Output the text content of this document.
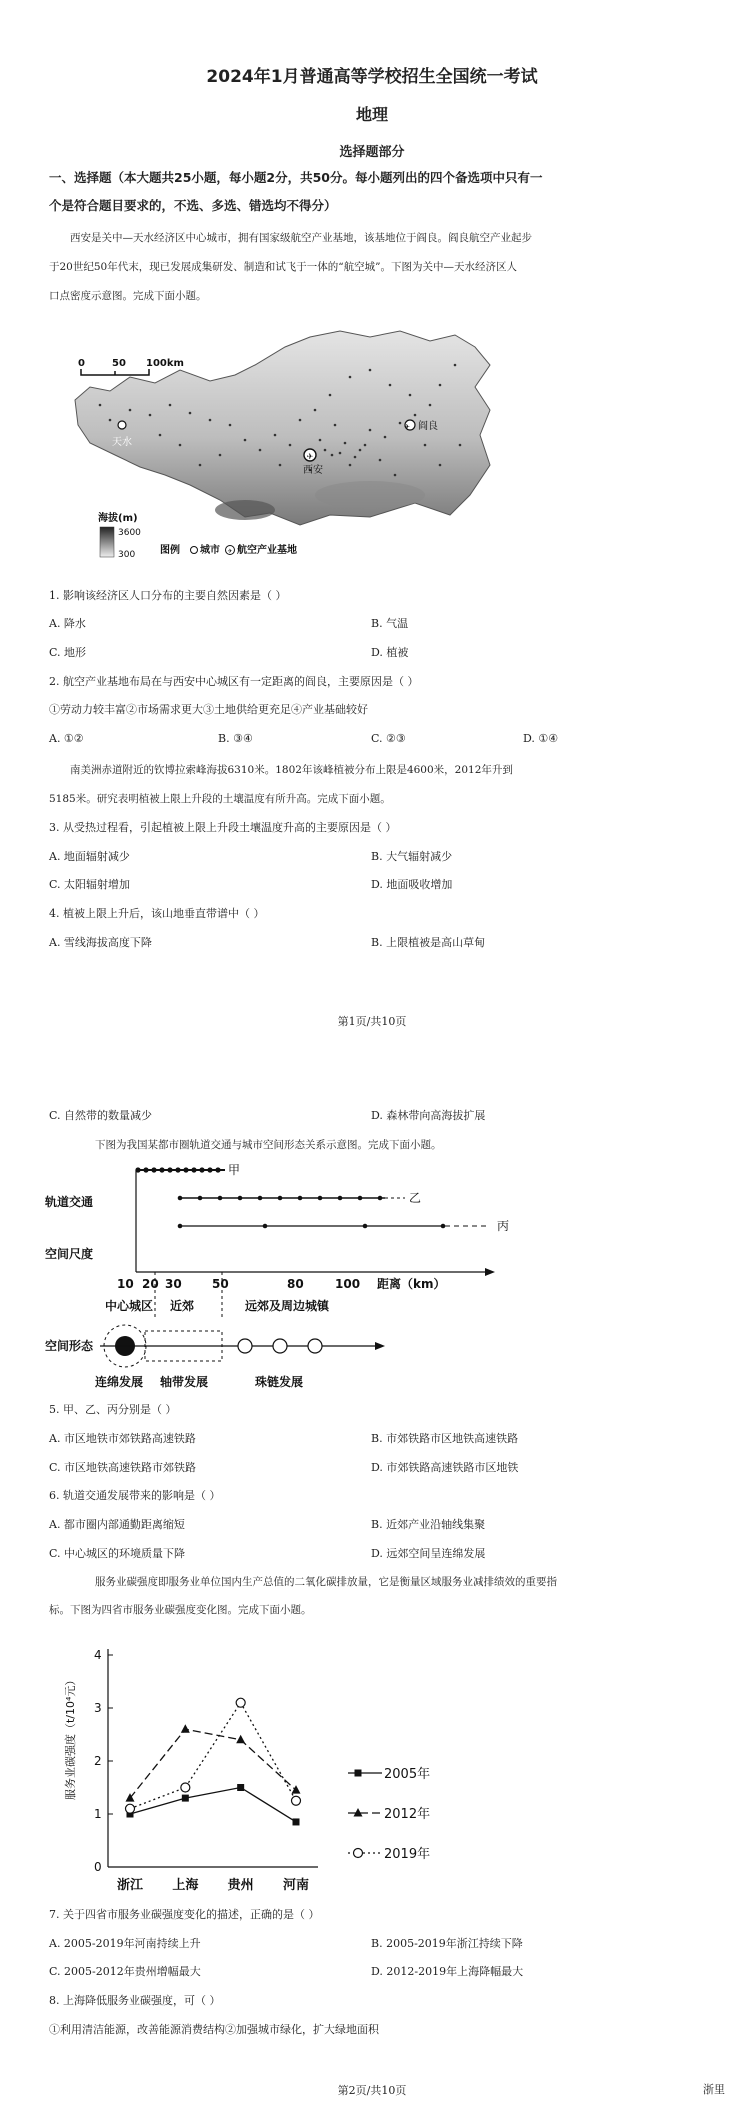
2024年1月普通高等学校招生全国统一考试
地理
选择题部分
一、选择题（本大题共25小题，每小题2分，共50分。每小题列出的四个备选项中只有一
个是符合题目要求的，不选、多选、错选均不得分）
西安是关中—天水经济区中心城市，拥有国家级航空产业基地，该基地位于阎良。阎良航空产业起步
于20世纪50年代末，现已发展成集研发、制造和试飞于一体的“航空城”。下图为关中—天水经济区人
口点密度示意图。完成下面小题。
0	50 100km
天水
✈ 阎良
✈
西安
海拔(m)
3600
300 图例 城市 ✈ 航空产业基地
1. 影响该经济区人口分布的主要自然因素是（ ）
A. 降水	B. 气温
C. 地形	D. 植被
2. 航空产业基地布局在与西安中心城区有一定距离的阎良，主要原因是（ ）
①劳动力较丰富②市场需求更大③土地供给更充足④产业基础较好
A. ①②	B. ③④	C. ②③	D. ①④
南美洲赤道附近的钦博拉索峰海拔6310米。1802年该峰植被分布上限是4600米，2012年升到
5185米。研究表明植被上限上升段的土壤温度有所升高。完成下面小题。
3. 从受热过程看，引起植被上限上升段土壤温度升高的主要原因是（ ）
A. 地面辐射减少	B. 大气辐射减少
C. 太阳辐射增加	D. 地面吸收增加
4. 植被上限上升后，该山地垂直带谱中（ ）
A. 雪线海拔高度下降	B. 上限植被是高山草甸
第1页/共10页
C. 自然带的数量减少	D. 森林带向高海拔扩展
下图为我国某都市圈轨道交通与城市空间形态关系示意图。完成下面小题。
甲
乙
丙
轨道交通
空间尺度
10 20 30	50	80	100 距离（km）
中心城区 近郊	远郊及周边城镇
空间形态
连绵发展 轴带发展	珠链发展
5. 甲、乙、丙分别是（ ）
A. 市区地铁市郊铁路高速铁路	B. 市郊铁路市区地铁高速铁路
C. 市区地铁高速铁路市郊铁路	D. 市郊铁路高速铁路市区地铁
6. 轨道交通发展带来的影响是（ ）
A. 都市圈内部通勤距离缩短	B. 近郊产业沿轴线集聚
C. 中心城区的环境质量下降	D. 远郊空间呈连绵发展
服务业碳强度即服务业单位国内生产总值的二氧化碳排放量，它是衡量区域服务业减排绩效的重要指
标。下图为四省市服务业碳强度变化图。完成下面小题。
0
1
2
3
4
浙江 上海 贵州 河南
2005年
2012年
2019年
服务业碳强度（t/10⁴元）
7. 关于四省市服务业碳强度变化的描述，正确的是（ ）
A. 2005-2019年河南持续上升	B. 2005-2019年浙江持续下降
C. 2005-2012年贵州增幅最大	D. 2012-2019年上海降幅最大
8. 上海降低服务业碳强度，可（ ）
①利用清洁能源，改善能源消费结构②加强城市绿化，扩大绿地面积
第2页/共10页	浙里
